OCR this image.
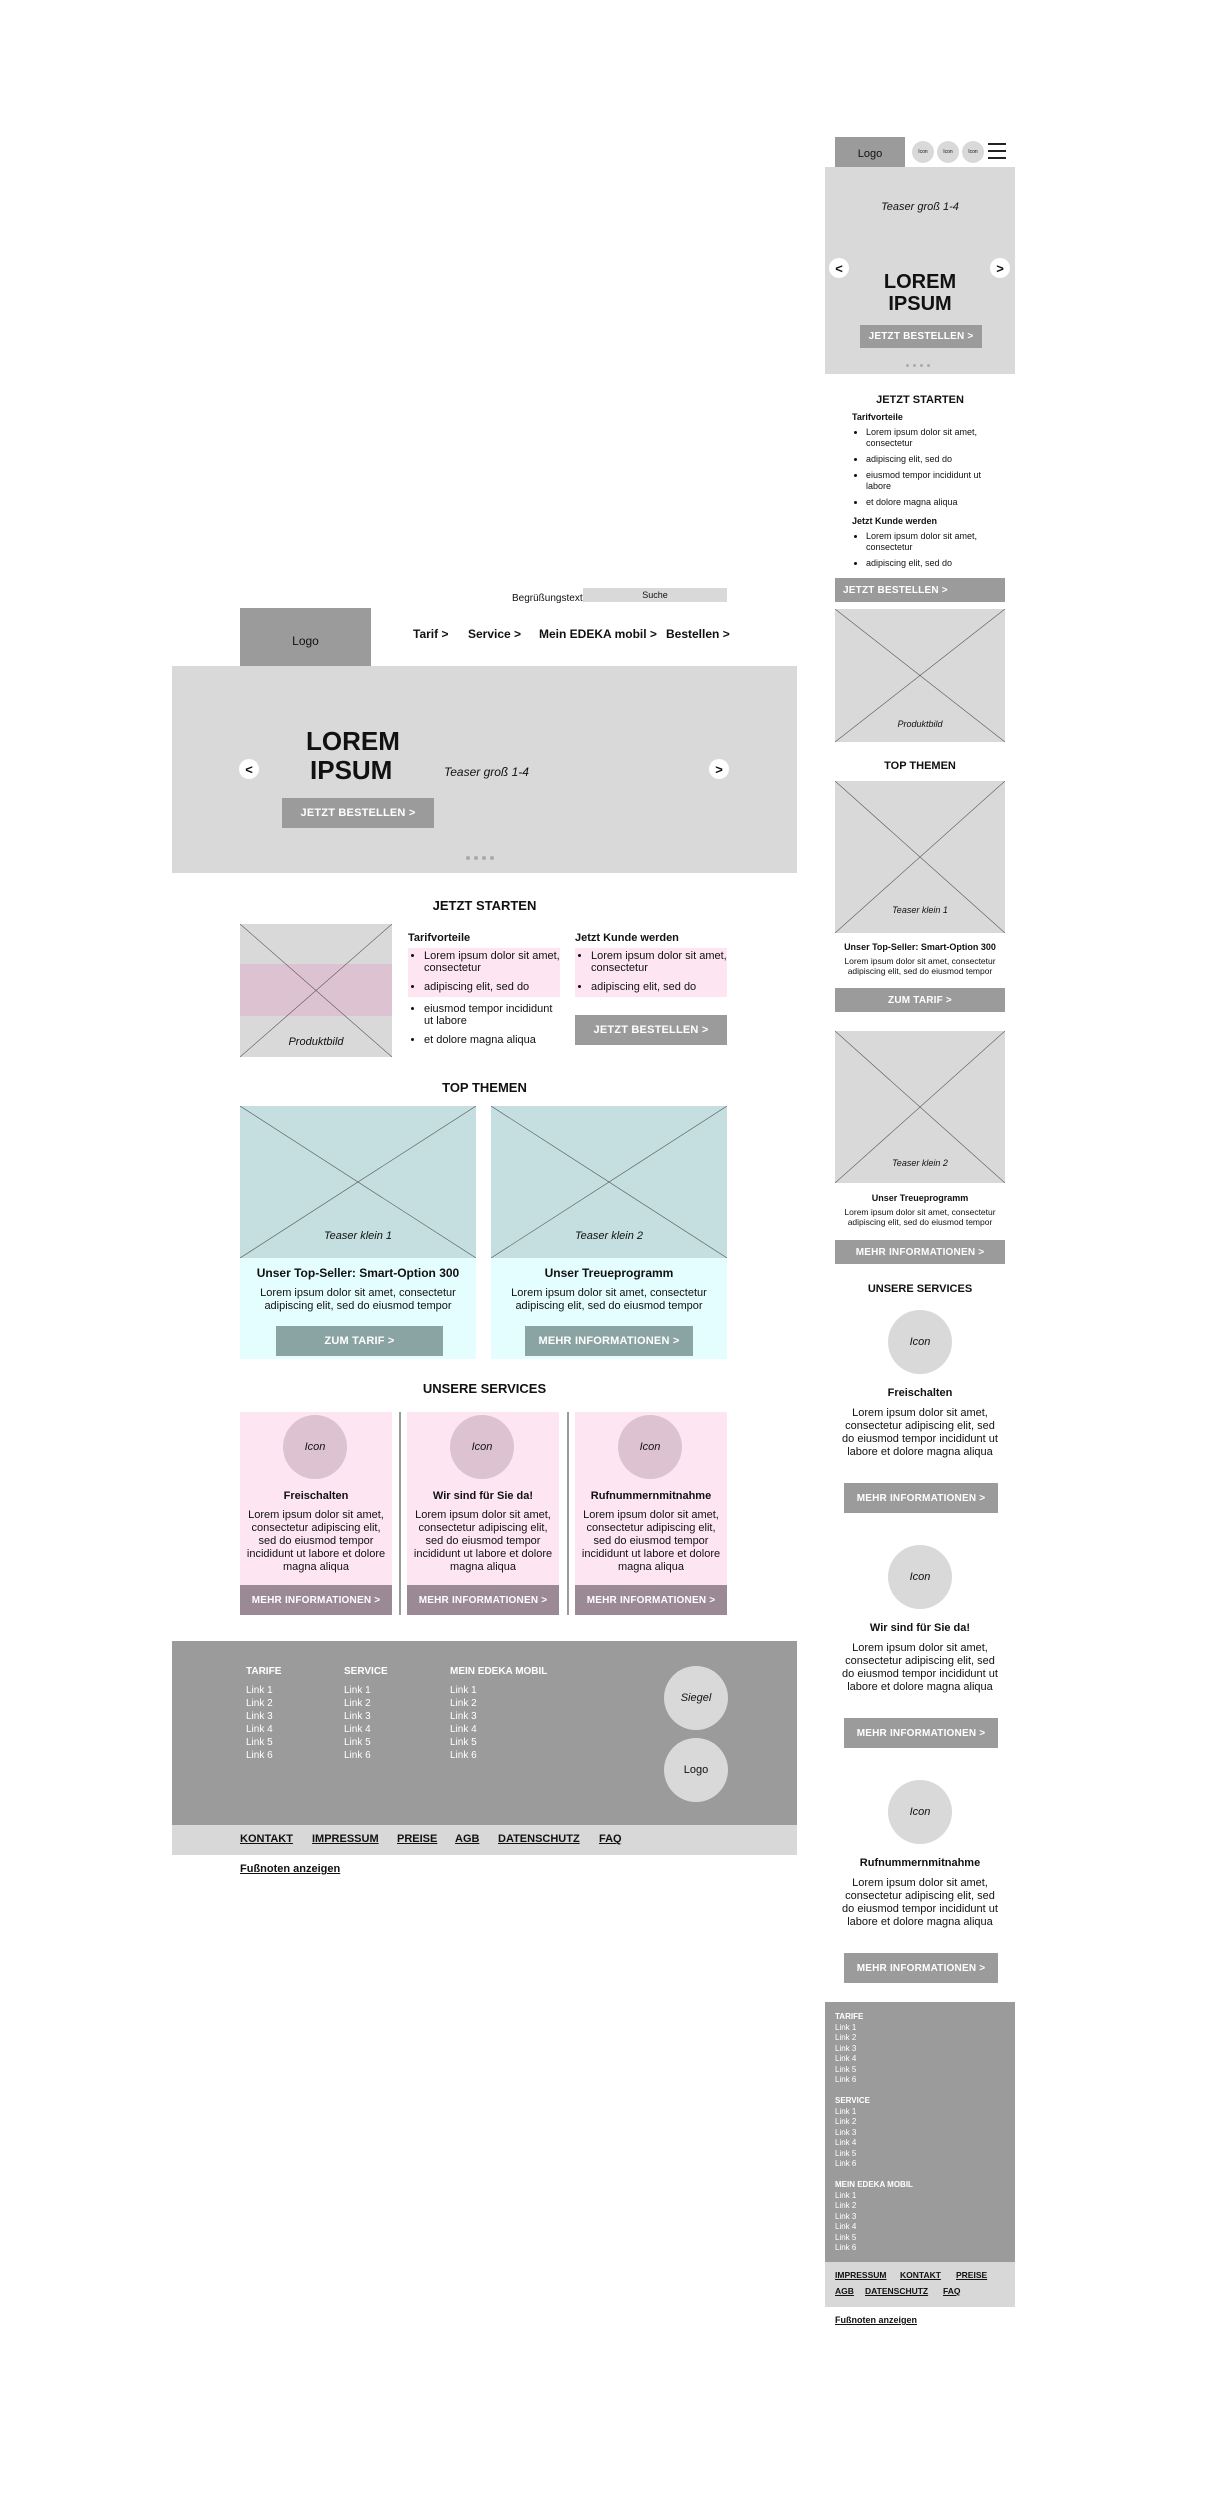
Begrüßungstext	Suche
Logo	Tarif > Service > Mein EDEKA mobil > Bestellen >
<	>
LOREM
IPSUM	Teaser groß 1-4
JETZT BESTELLEN >
JETZT STARTEN
Produktbild
Tarifvorteile
• Lorem ipsum dolor sit amet, consectetur
• adipiscing elit, sed do
• eiusmod tempor incididunt ut labore
• et dolore magna aliqua
Jetzt Kunde werden
• Lorem ipsum dolor sit amet, consectetur
• adipiscing elit, sed do
JETZT BESTELLEN >
TOP THEMEN
Teaser klein 1
Unser Top-Seller: Smart-Option 300
Lorem ipsum dolor sit amet, consectetur adipiscing elit, sed do eiusmod tempor
ZUM TARIF >
Teaser klein 2
Unser Treueprogramm
Lorem ipsum dolor sit amet, consectetur adipiscing elit, sed do eiusmod tempor
MEHR INFORMATIONEN >
UNSERE SERVICES
Icon
Freischalten
Lorem ipsum dolor sit amet, consectetur adipiscing elit, sed do eiusmod tempor incididunt ut labore et dolore magna aliqua
MEHR INFORMATIONEN >
Icon
Wir sind für Sie da!
Lorem ipsum dolor sit amet, consectetur adipiscing elit, sed do eiusmod tempor incididunt ut labore et dolore magna aliqua
MEHR INFORMATIONEN >
Icon
Rufnummernmitnahme
Lorem ipsum dolor sit amet, consectetur adipiscing elit, sed do eiusmod tempor incididunt ut labore et dolore magna aliqua
MEHR INFORMATIONEN >
TARIFE
Link 1
Link 2
Link 3
Link 4
Link 5
Link 6
SERVICE
Link 1
Link 2
Link 3
Link 4
Link 5
Link 6
MEIN EDEKA MOBIL
Link 1
Link 2
Link 3
Link 4
Link 5
Link 6
Siegel
Logo
KONTAKT IMPRESSUM PREISE AGB DATENSCHUTZ FAQ
Fußnoten anzeigen
Logo	Icon	Icon	Icon
Teaser groß 1-4
<	>
LOREM
IPSUM
JETZT BESTELLEN >
JETZT STARTEN
Tarifvorteile
• Lorem ipsum dolor sit amet, consectetur
• adipiscing elit, sed do
• eiusmod tempor incididunt ut labore
• et dolore magna aliqua
Jetzt Kunde werden
• Lorem ipsum dolor sit amet, consectetur
• adipiscing elit, sed do
JETZT BESTELLEN >
Produktbild
TOP THEMEN
Teaser klein 1
Unser Top-Seller: Smart-Option 300
Lorem ipsum dolor sit amet, consectetur adipiscing elit, sed do eiusmod tempor
ZUM TARIF >
Teaser klein 2
Unser Treueprogramm
Lorem ipsum dolor sit amet, consectetur adipiscing elit, sed do eiusmod tempor
MEHR INFORMATIONEN >
UNSERE SERVICES
Icon
Freischalten
Lorem ipsum dolor sit amet, consectetur adipiscing elit, sed do eiusmod tempor incididunt ut labore et dolore magna aliqua
MEHR INFORMATIONEN >
Icon
Wir sind für Sie da!
Lorem ipsum dolor sit amet, consectetur adipiscing elit, sed do eiusmod tempor incididunt ut labore et dolore magna aliqua
MEHR INFORMATIONEN >
Icon
Rufnummernmitnahme
Lorem ipsum dolor sit amet, consectetur adipiscing elit, sed do eiusmod tempor incididunt ut labore et dolore magna aliqua
MEHR INFORMATIONEN >
TARIFE
Link 1
Link 2
Link 3
Link 4
Link 5
Link 6
SERVICE
Link 1
Link 2
Link 3
Link 4
Link 5
Link 6
MEIN EDEKA MOBIL
Link 1
Link 2
Link 3
Link 4
Link 5
Link 6
IMPRESSUM KONTAKT PREISE
AGB DATENSCHUTZ FAQ
Fußnoten anzeigen
